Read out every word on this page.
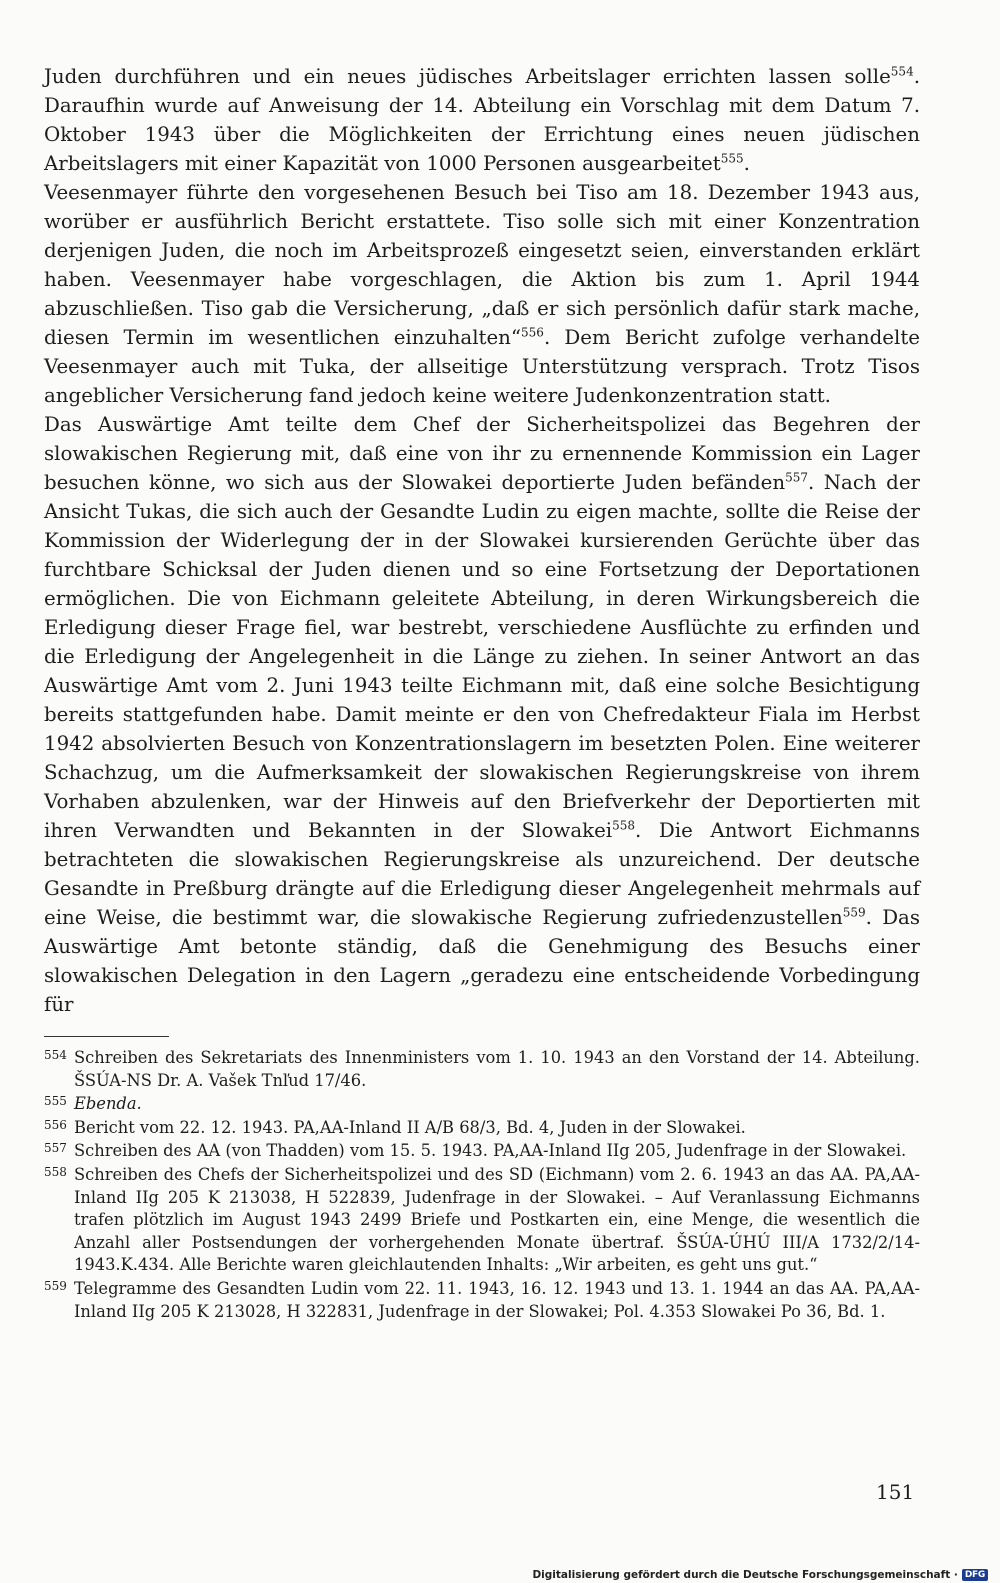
Juden durchführen und ein neues jüdisches Arbeitslager errichten lassen solle$^{554}$. Daraufhin wurde auf Anweisung der 14. Abteilung ein Vorschlag mit dem Datum 7. Oktober 1943 über die Möglichkeiten der Errichtung eines neuen jüdischen Arbeitslagers mit einer Kapazität von 1000 Personen ausgearbeitet$^{555}$.

Veesenmayer führte den vorgesehenen Besuch bei Tiso am 18. Dezember 1943 aus, worüber er ausführlich Bericht erstattete. Tiso solle sich mit einer Konzentration derjenigen Juden, die noch im Arbeitsprozeß eingesetzt seien, einverstanden erklärt haben. Veesenmayer habe vorgeschlagen, die Aktion bis zum 1. April 1944 abzuschließen. Tiso gab die Versicherung, „daß er sich persönlich dafür stark mache, diesen Termin im wesentlichen einzuhalten“$^{556}$. Dem Bericht zufolge verhandelte Veesenmayer auch mit Tuka, der allseitige Unterstützung versprach. Trotz Tisos angeblicher Versicherung fand jedoch keine weitere Judenkonzentration statt.

Das Auswärtige Amt teilte dem Chef der Sicherheitspolizei das Begehren der slowakischen Regierung mit, daß eine von ihr zu ernennende Kommission ein Lager besuchen könne, wo sich aus der Slowakei deportierte Juden befänden$^{557}$. Nach der Ansicht Tukas, die sich auch der Gesandte Ludin zu eigen machte, sollte die Reise der Kommission der Widerlegung der in der Slowakei kursierenden Gerüchte über das furchtbare Schicksal der Juden dienen und so eine Fortsetzung der Deportationen ermöglichen. Die von Eichmann geleitete Abteilung, in deren Wirkungsbereich die Erledigung dieser Frage fiel, war bestrebt, verschiedene Ausflüchte zu erfinden und die Erledigung der Angelegenheit in die Länge zu ziehen. In seiner Antwort an das Auswärtige Amt vom 2. Juni 1943 teilte Eichmann mit, daß eine solche Besichtigung bereits stattgefunden habe. Damit meinte er den von Chefredakteur Fiala im Herbst 1942 absolvierten Besuch von Konzentrationslagern im besetzten Polen. Eine weiterer Schachzug, um die Aufmerksamkeit der slowakischen Regierungskreise von ihrem Vorhaben abzulenken, war der Hinweis auf den Briefverkehr der Deportierten mit ihren Verwandten und Bekannten in der Slowakei$^{558}$. Die Antwort Eichmanns betrachteten die slowakischen Regierungskreise als unzureichend. Der deutsche Gesandte in Preßburg drängte auf die Erledigung dieser Angelegenheit mehrmals auf eine Weise, die bestimmt war, die slowakische Regierung zufriedenzustellen$^{559}$. Das Auswärtige Amt betonte ständig, daß die Genehmigung des Besuchs einer slowakischen Delegation in den Lagern „geradezu eine entscheidende Vorbedingung für

554 Schreiben des Sekretariats des Innenministers vom 1. 10. 1943 an den Vorstand der 14. Abteilung. ŠSÚA-NS Dr. A. Vašek Tnľud 17/46.
555 Ebenda.
556 Bericht vom 22. 12. 1943. PA,AA-Inland II A/B 68/3, Bd. 4, Juden in der Slowakei.
557 Schreiben des AA (von Thadden) vom 15. 5. 1943. PA,AA-Inland IIg 205, Judenfrage in der Slowakei.
558 Schreiben des Chefs der Sicherheitspolizei und des SD (Eichmann) vom 2. 6. 1943 an das AA. PA,AA-Inland IIg 205 K 213038, H 522839, Judenfrage in der Slowakei. – Auf Veranlassung Eichmanns trafen plötzlich im August 1943 2499 Briefe und Postkarten ein, eine Menge, die wesentlich die Anzahl aller Postsendungen der vorhergehenden Monate übertraf. ŠSÚA-ÚHÚ III/A 1732/2/14-1943.K.434. Alle Berichte waren gleichlautenden Inhalts: „Wir arbeiten, es geht uns gut.“
559 Telegramme des Gesandten Ludin vom 22. 11. 1943, 16. 12. 1943 und 13. 1. 1944 an das AA. PA,AA-Inland IIg 205 K 213028, H 322831, Judenfrage in der Slowakei; Pol. 4.353 Slowakei Po 36, Bd. 1.
151
Digitalisierung gefördert durch die Deutsche Forschungsgemeinschaft · DFG
